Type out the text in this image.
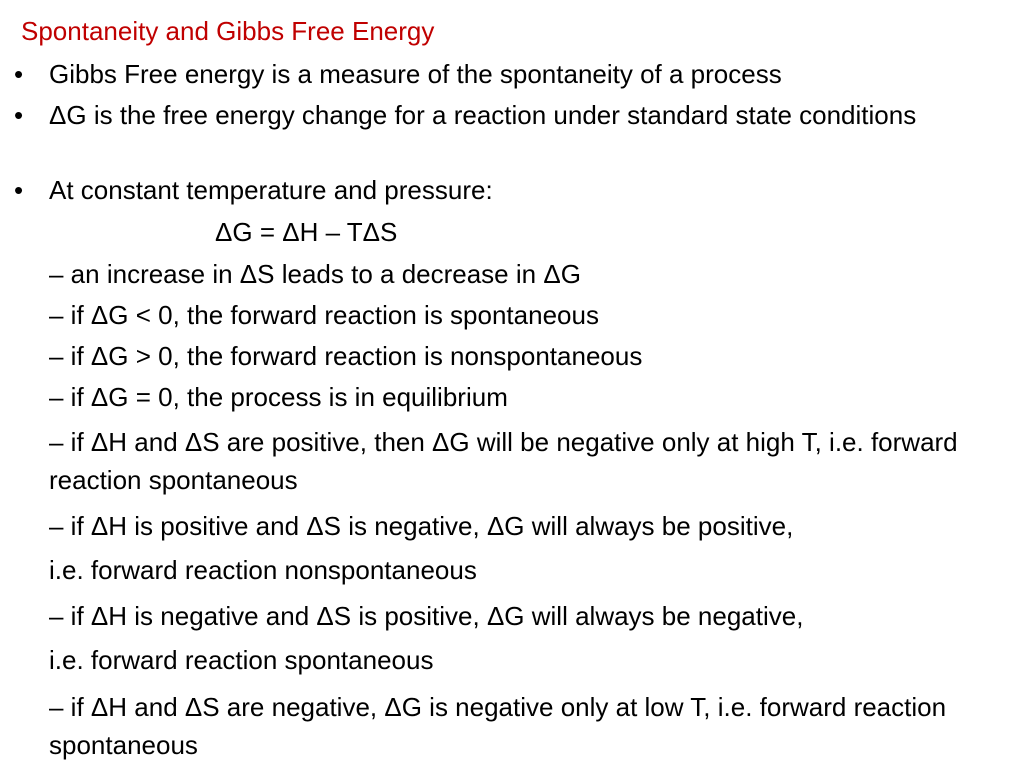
Spontaneity and Gibbs Free Energy
• Gibbs Free energy is a measure of the spontaneity of a process
• ΔG is the free energy change for a reaction under standard state conditions
• At constant temperature and pressure:
ΔG = ΔH – TΔS
– an increase in ΔS leads to a decrease in ΔG
– if ΔG < 0, the forward reaction is spontaneous
– if ΔG > 0, the forward reaction is nonspontaneous
– if ΔG = 0, the process is in equilibrium
– if ΔH and ΔS are positive, then ΔG will be negative only at high T, i.e. forward reaction spontaneous
– if ΔH is positive and ΔS is negative, ΔG will always be positive,
i.e. forward reaction nonspontaneous
– if ΔH is negative and ΔS is positive, ΔG will always be negative,
i.e. forward reaction spontaneous
– if ΔH and ΔS are negative, ΔG is negative only at low T, i.e. forward reaction spontaneous
